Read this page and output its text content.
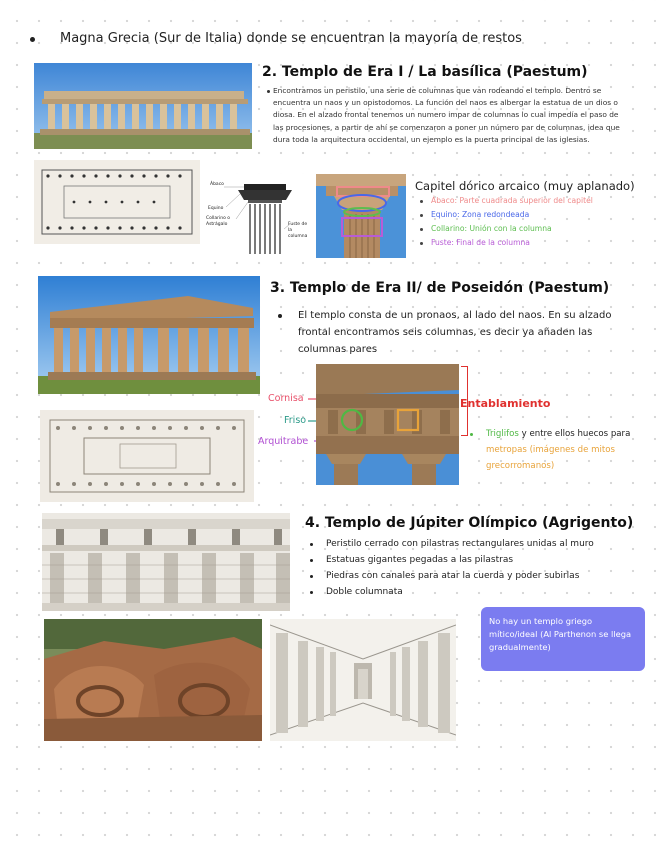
Magna Grecia (Sur de Italia) donde se encuentran la mayoría de restos
2. Templo de Era I / La basílica (Paestum)
Encontramos un peristilo, una serie de columnas que van rodeando el templo. Dentro se encuentra un naos y un opistodomos. La función del naos es albergar la estatua de un dios o diosa. En el alzado frontal tenemos un numero impar de columnas lo cual impedía el paso de las procesiones, a partir de ahí se comenzaron a poner un número par de columnas, idea que dura toda la arquitectura occidental, un ejemplo es la puerta principal de las iglesias.
Ábaco
Equino
Collarino o Astrágalo	Fuste de la columna
Capitel dórico arcaico (muy aplanado)
Ábaco: Parte cuadrada superior del capitel
Equino: Zona redondeada
Collarino: Unión con la columna
Fuste: Final de la columna
3. Templo de Era II/ de Poseidón (Paestum)
El templo consta de un pronaos, al lado del naos. En su alzado frontal encontramos seis columnas, es decir ya añaden las columnas pares
Cornisa
Friso
Arquitrabe
Entablamiento
Triglifos y entre ellos huecos para metropas (imágenes de mitos grecorromanos)
4. Templo de Júpiter Olímpico (Agrigento)
Peristilo cerrado con pilastras rectangulares unidas al muro
Estatuas gigantes pegadas a las pilastras
Piedras con canales para atar la cuerda y poder subirlas
Doble columnata
No hay un templo griego mítico/ideal (Al Parthenon se llega gradualmente)
